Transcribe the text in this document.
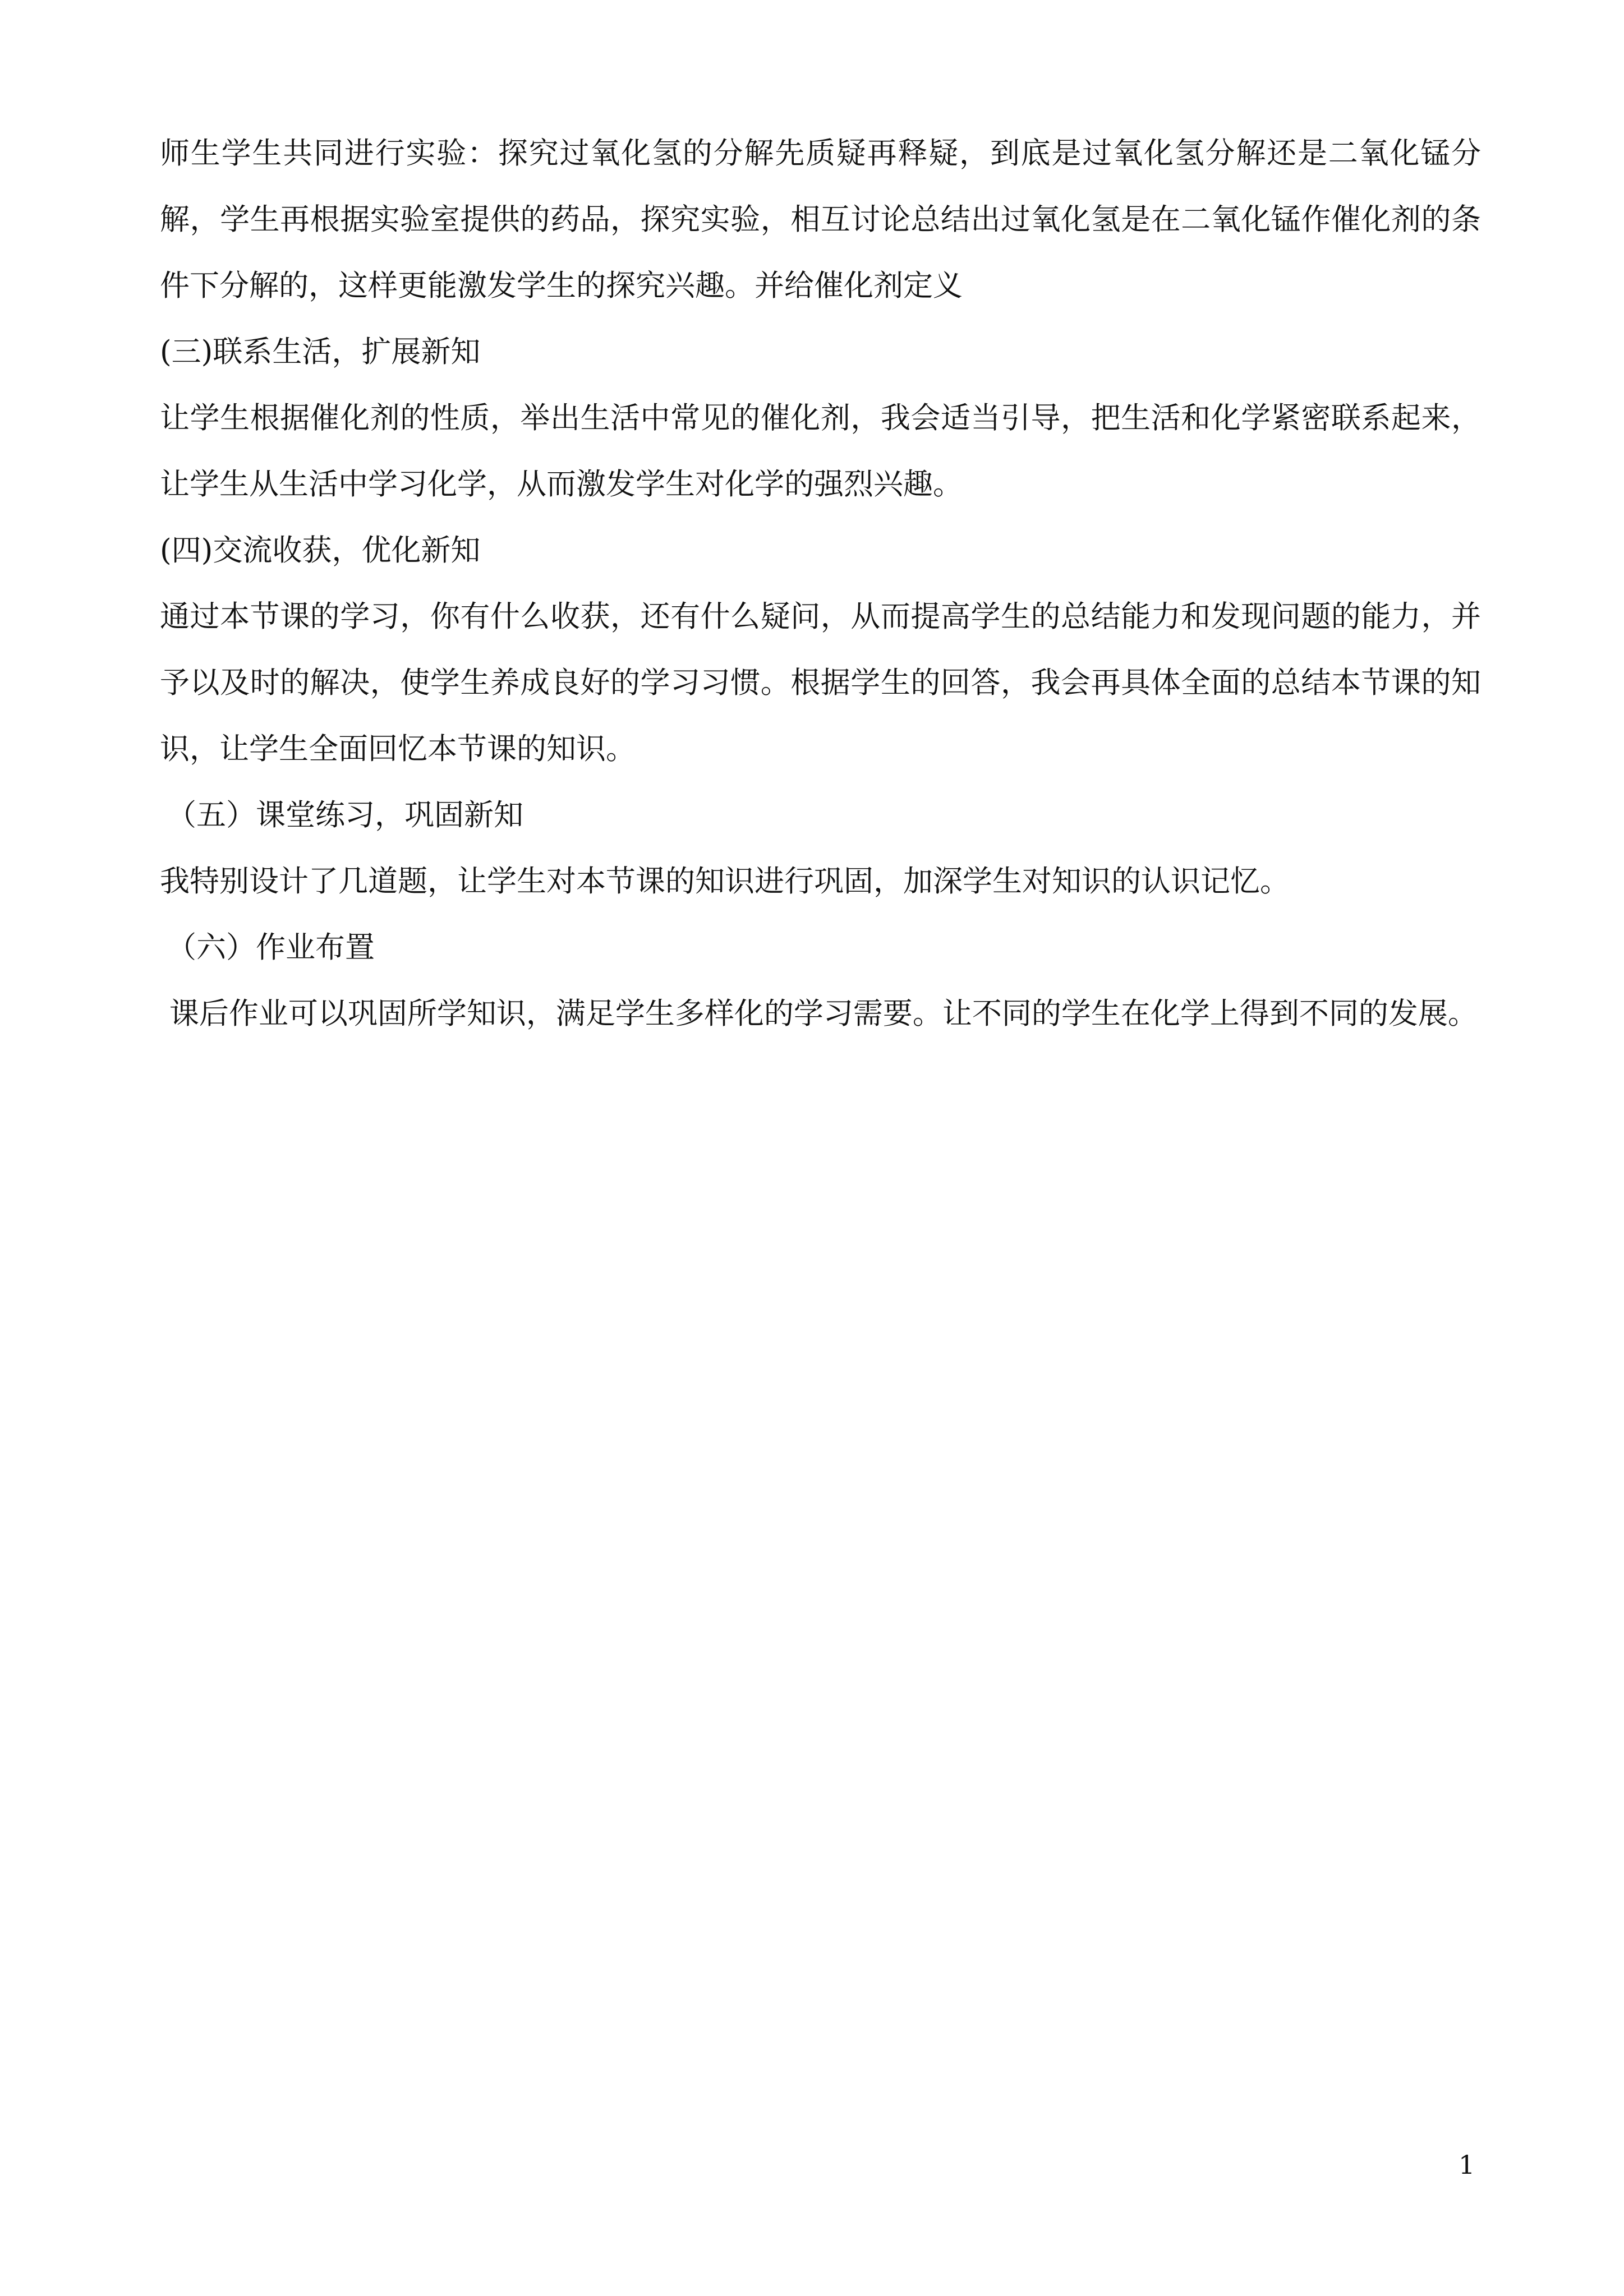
师生学生共同进行实验：探究过氧化氢的分解先质疑再释疑，到底是过氧化氢分解还是二氧化锰分解，学生再根据实验室提供的药品，探究实验，相互讨论总结出过氧化氢是在二氧化锰作催化剂的条件下分解的，这样更能激发学生的探究兴趣。并给催化剂定义

(三)联系生活，扩展新知

让学生根据催化剂的性质，举出生活中常见的催化剂，我会适当引导，把生活和化学紧密联系起来，让学生从生活中学习化学，从而激发学生对化学的强烈兴趣。

(四)交流收获，优化新知

通过本节课的学习，你有什么收获，还有什么疑问，从而提高学生的总结能力和发现问题的能力，并予以及时的解决，使学生养成良好的学习习惯。根据学生的回答，我会再具体全面的总结本节课的知识，让学生全面回忆本节课的知识。

（五）课堂练习，巩固新知

我特别设计了几道题，让学生对本节课的知识进行巩固，加深学生对知识的认识记忆。

（六）作业布置

课后作业可以巩固所学知识，满足学生多样化的学习需要。让不同的学生在化学上得到不同的发展。

1
